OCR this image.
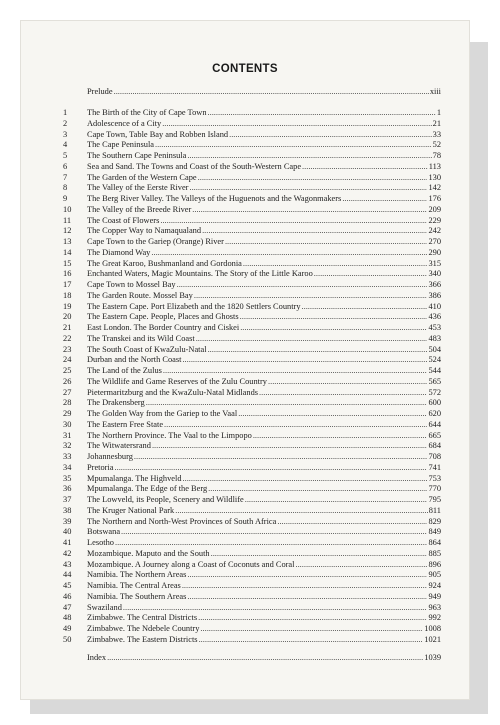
CONTENTS
Prelude .....	xiii
1	The Birth of the City of Cape Town .....	1
2	Adolescence of a City .....	21
3	Cape Town, Table Bay and Robben Island .....	33
4	The Cape Peninsula .....	52
5	The Southern Cape Peninsula .....	78
6	Sea and Sand. The Towns and Coast of the South-Western Cape .....	113
7	The Garden of the Western Cape .....	130
8	The Valley of the Eerste River .....	142
9	The Berg River Valley. The Valleys of the Huguenots and the Wagonmakers .....	176
10	The Valley of the Breede River .....	209
11	The Coast of Flowers .....	229
12	The Copper Way to Namaqualand .....	242
13	Cape Town to the Gariep (Orange) River .....	270
14	The Diamond Way .....	290
15	The Great Karoo, Bushmanland and Gordonia .....	315
16	Enchanted Waters, Magic Mountains. The Story of the Little Karoo .....	340
17	Cape Town to Mossel Bay .....	366
18	The Garden Route. Mossel Bay .....	386
19	The Eastern Cape. Port Elizabeth and the 1820 Settlers Country .....	410
20	The Eastern Cape. People, Places and Ghosts .....	436
21	East London. The Border Country and Ciskei .....	453
22	The Transkei and its Wild Coast .....	483
23	The South Coast of KwaZulu-Natal .....	504
24	Durban and the North Coast .....	524
25	The Land of the Zulus .....	544
26	The Wildlife and Game Reserves of the Zulu Country .....	565
27	Pietermaritzburg and the KwaZulu-Natal Midlands .....	572
28	The Drakensberg .....	600
29	The Golden Way from the Gariep to the Vaal .....	620
30	The Eastern Free State .....	644
31	The Northern Province. The Vaal to the Limpopo .....	665
32	The Witwatersrand .....	684
33	Johannesburg .....	708
34	Pretoria .....	741
35	Mpumalanga. The Highveld .....	753
36	Mpumalanga. The Edge of the Berg .....	770
37	The Lowveld, its People, Scenery and Wildlife .....	795
38	The Kruger National Park .....	811
39	The Northern and North-West Provinces of South Africa .....	829
40	Botswana .....	849
41	Lesotho .....	864
42	Mozambique. Maputo and the South .....	885
43	Mozambique. A Journey along a Coast of Coconuts and Coral .....	896
44	Namibia. The Northern Areas .....	905
45	Namibia. The Central Areas .....	924
46	Namibia. The Southern Areas .....	949
47	Swaziland .....	963
48	Zimbabwe. The Central Districts .....	992
49	Zimbabwe. The Ndebele Country .....	1008
50	Zimbabwe. The Eastern Districts .....	1021
Index .....	1039
